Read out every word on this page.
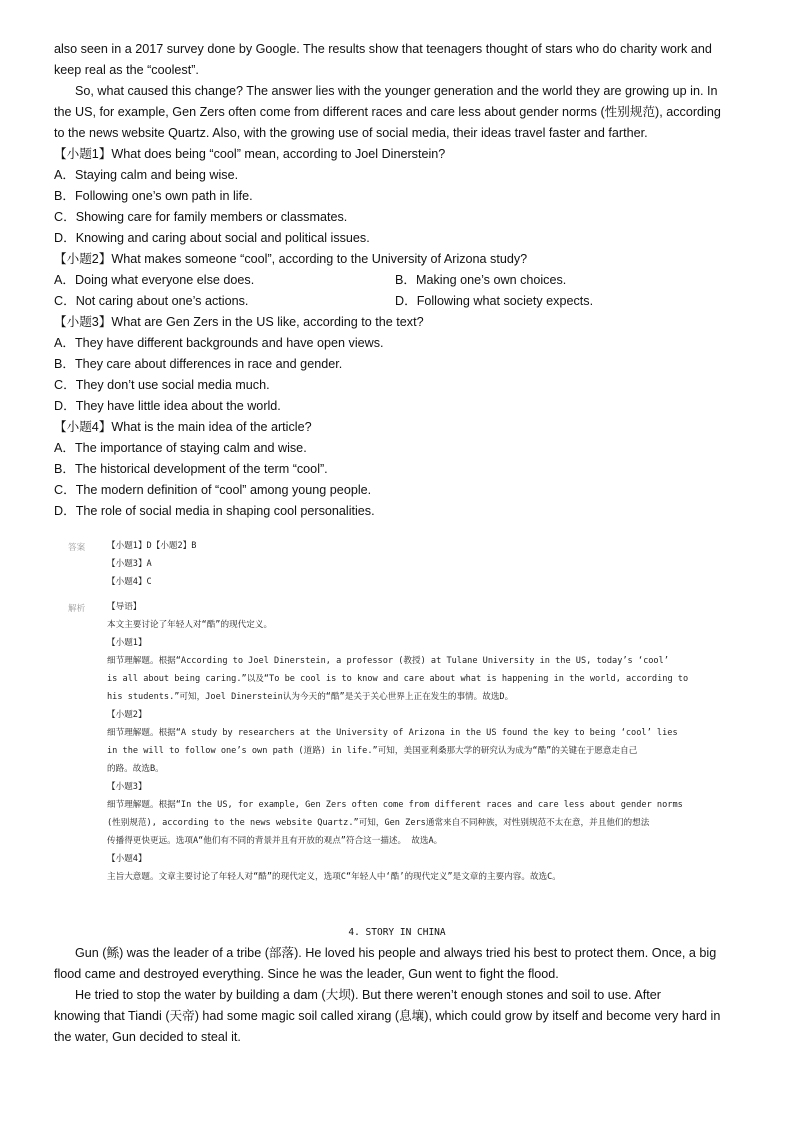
also seen in a 2017 survey done by Google. The results show that teenagers thought of stars who do charity work and
keep real as the “coolest”.
So, what caused this change? The answer lies with the younger generation and the world they are growing up in. In
the US, for example, Gen Zers often come from different races and care less about gender norms (性别规范), according
to the news website Quartz. Also, with the growing use of social media, their ideas travel faster and farther.
【小题1】What does being “cool” mean, according to Joel Dinerstein?
A．Staying calm and being wise.
B．Following one’s own path in life.
C．Showing care for family members or classmates.
D．Knowing and caring about social and political issues.
【小题2】What makes someone “cool”, according to the University of Arizona study?
A．Doing what everyone else does.	B．Making one’s own choices.
C．Not caring about one’s actions.	D．Following what society expects.
【小题3】What are Gen Zers in the US like, according to the text?
A．They have different backgrounds and have open views.
B．They care about differences in race and gender.
C．They don’t use social media much.
D．They have little idea about the world.
【小题4】What is the main idea of the article?
A．The importance of staying calm and wise.
B．The historical development of the term “cool”.
C．The modern definition of “cool” among young people.
D．The role of social media in shaping cool personalities.
答案	【小题1】D【小题2】B
【小题3】A
【小题4】C
解析	【导语】
本文主要讨论了年轻人对“酷”的现代定义。
【小题1】
细节理解题。根据“According to Joel Dinerstein, a professor (教授) at Tulane University in the US, today’s ‘cool’
is all about being caring.”以及“To be cool is to know and care about what is happening in the world, according to
his students.”可知，Joel Dinerstein认为今天的“酷”是关于关心世界上正在发生的事情。故选D。
【小题2】
细节理解题。根据“A study by researchers at the University of Arizona in the US found the key to being ‘cool’ lies
in the will to follow one’s own path (道路) in life.”可知，美国亚利桑那大学的研究认为成为“酷”的关键在于愿意走自己
的路。故选B。
【小题3】
细节理解题。根据“In the US, for example, Gen Zers often come from different races and care less about gender norms
(性别规范), according to the news website Quartz.”可知，Gen Zers通常来自不同种族，对性别规范不太在意，并且他们的想法
传播得更快更远。选项A“他们有不同的背景并且有开放的观点”符合这一描述。 故选A。
【小题4】
主旨大意题。文章主要讨论了年轻人对“酷”的现代定义，选项C“年轻人中‘酷’的现代定义”是文章的主要内容。故选C。
4. STORY IN CHINA
Gun (鲧) was the leader of a tribe (部落). He loved his people and always tried his best to protect them. Once, a big
flood came and destroyed everything. Since he was the leader, Gun went to fight the flood.
He tried to stop the water by building a dam (大坝). But there weren’t enough stones and soil to use. After
knowing that Tiandi (天帝) had some magic soil called xirang (息壤), which could grow by itself and become very hard in
the water, Gun decided to steal it.
